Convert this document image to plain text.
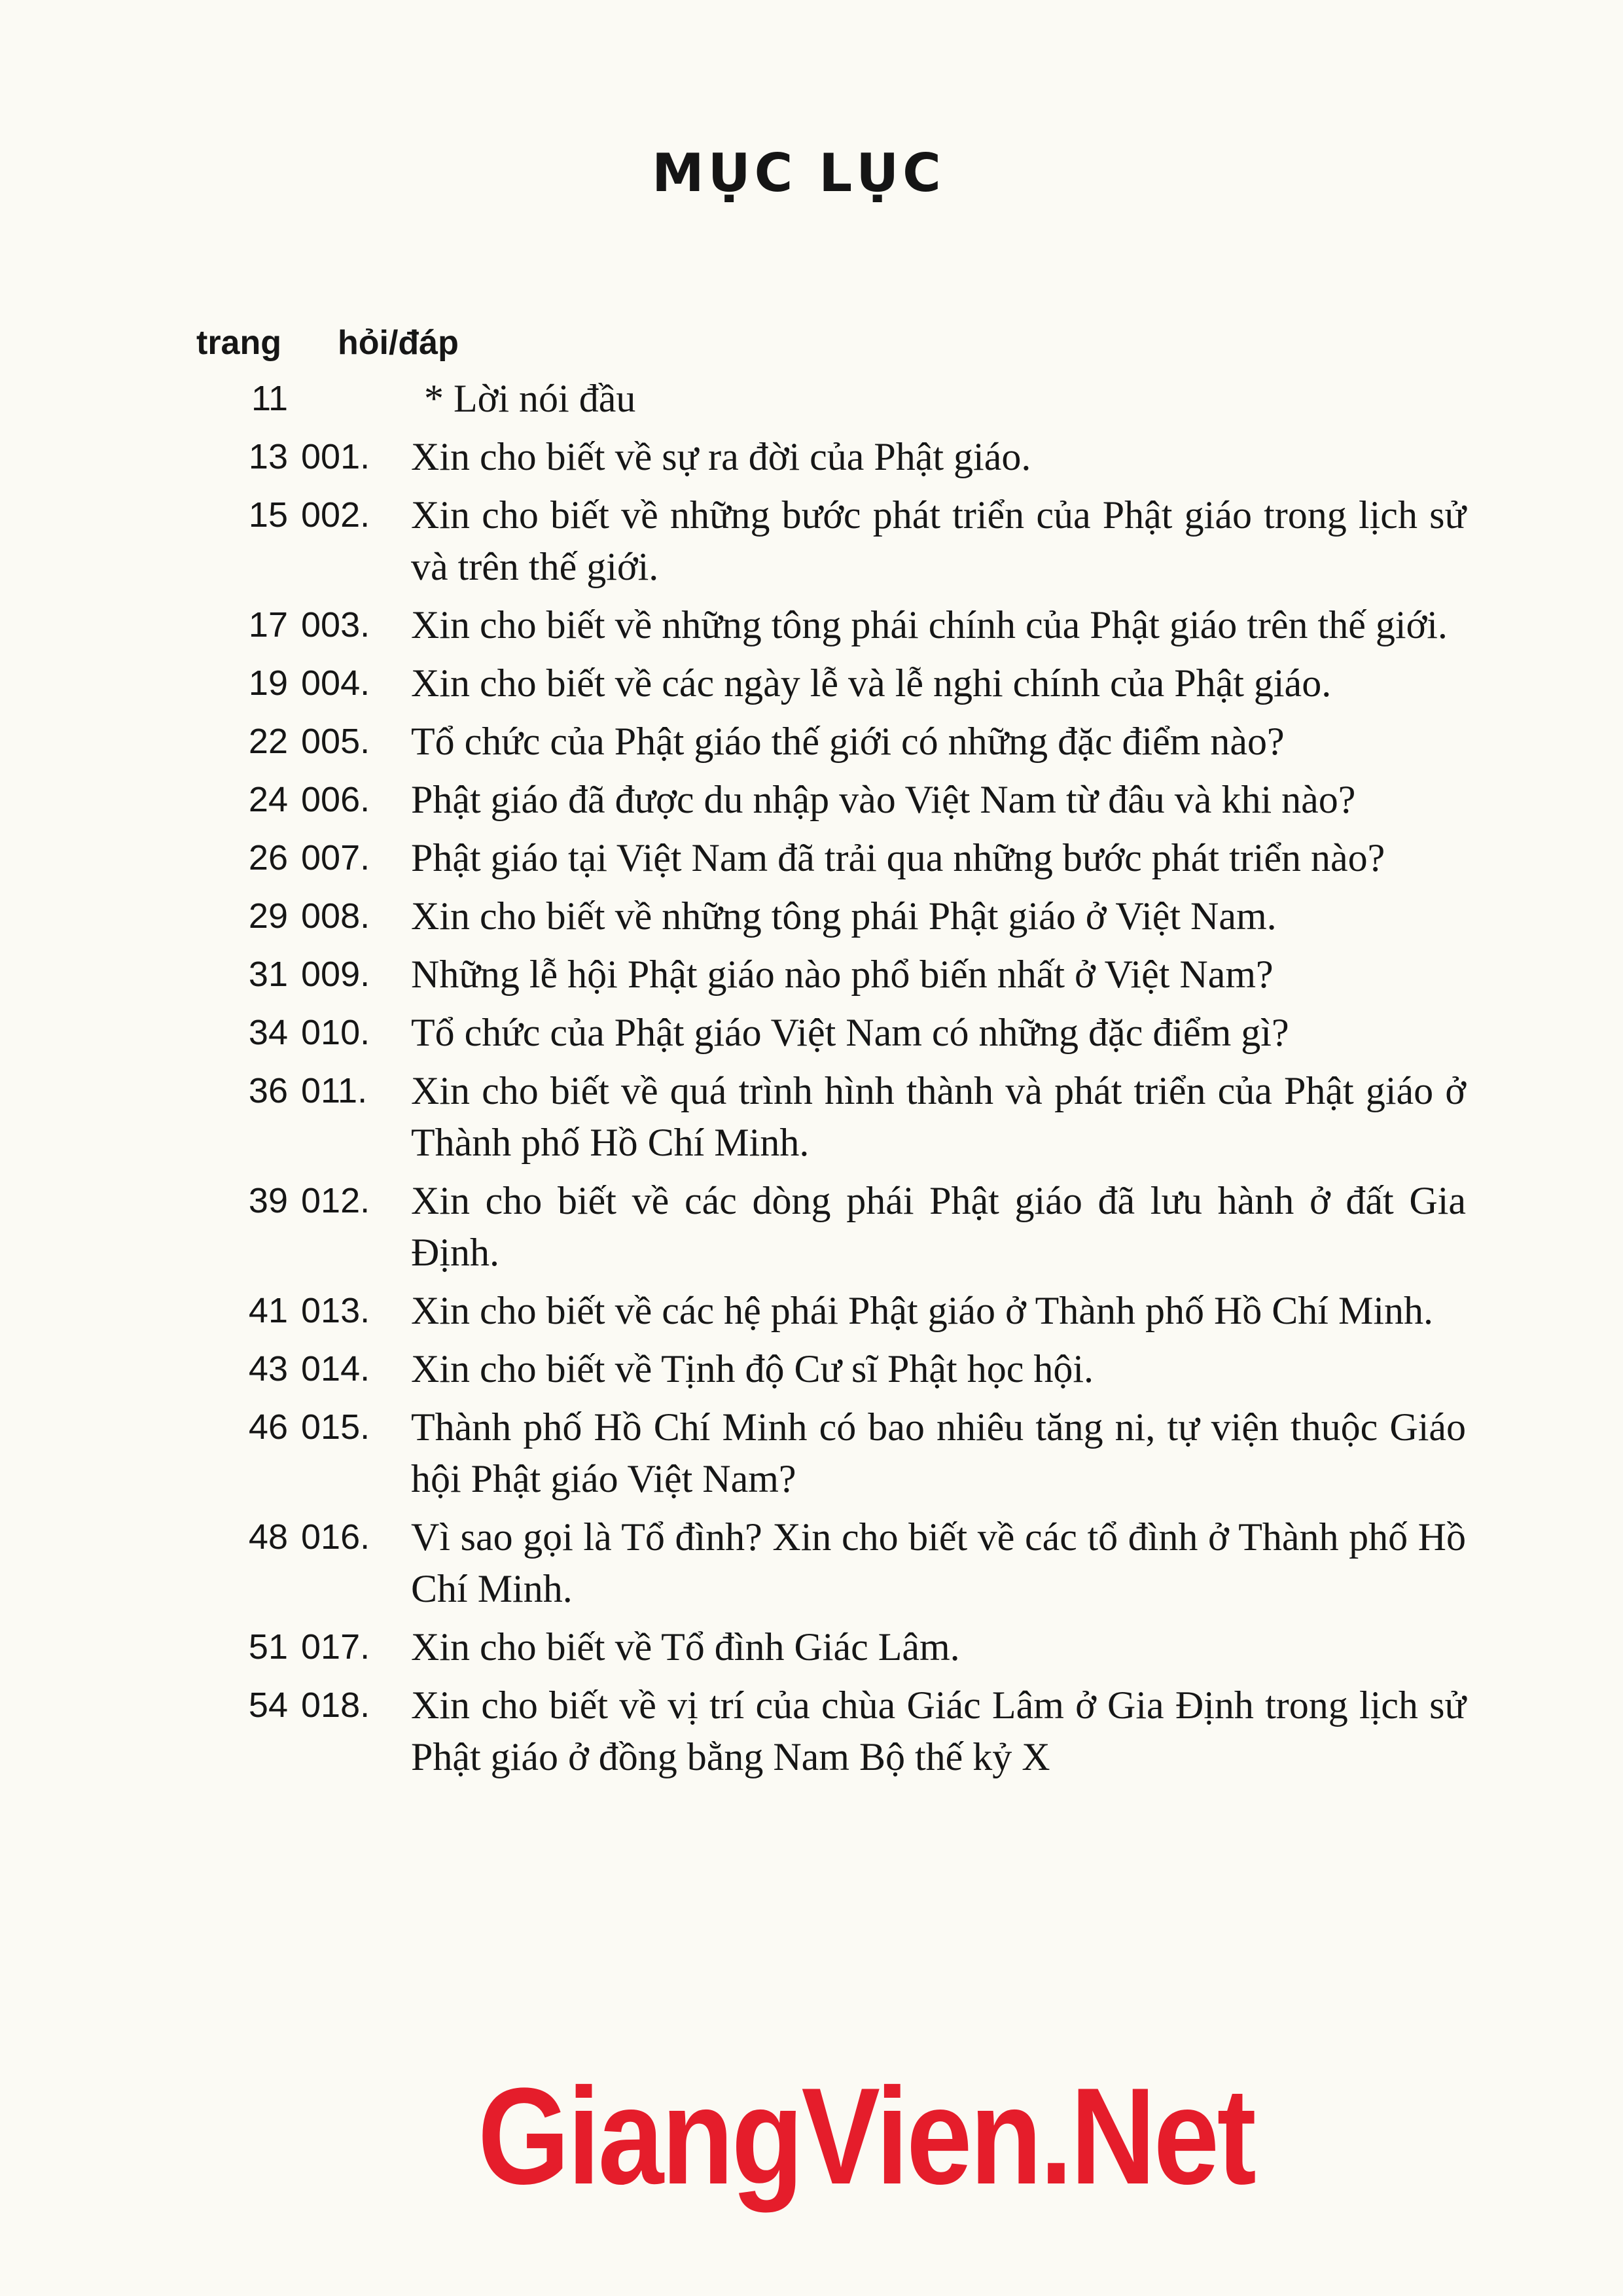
MỤC LỤC
trang hỏi/đáp
11	* Lời nói đầu
13 001.	Xin cho biết về sự ra đời của Phật giáo.
15 002.	Xin cho biết về những bước phát triển của Phật giáo trong lịch sử và trên thế giới.
17 003.	Xin cho biết về những tông phái chính của Phật giáo trên thế giới.
19 004.	Xin cho biết về các ngày lễ và lễ nghi chính của Phật giáo.
22 005.	Tổ chức của Phật giáo thế giới có những đặc điểm nào?
24 006.	Phật giáo đã được du nhập vào Việt Nam từ đâu và khi nào?
26 007.	Phật giáo tại Việt Nam đã trải qua những bước phát triển nào?
29 008.	Xin cho biết về những tông phái Phật giáo ở Việt Nam.
31 009.	Những lễ hội Phật giáo nào phổ biến nhất ở Việt Nam?
34 010.	Tổ chức của Phật giáo Việt Nam có những đặc điểm gì?
36 011.	Xin cho biết về quá trình hình thành và phát triển của Phật giáo ở Thành phố Hồ Chí Minh.
39 012.	Xin cho biết về các dòng phái Phật giáo đã lưu hành ở đất Gia Định.
41 013.	Xin cho biết về các hệ phái Phật giáo ở Thành phố Hồ Chí Minh.
43 014.	Xin cho biết về Tịnh độ Cư sĩ Phật học hội.
46 015.	Thành phố Hồ Chí Minh có bao nhiêu tăng ni, tự viện thuộc Giáo hội Phật giáo Việt Nam?
48 016.	Vì sao gọi là Tổ đình? Xin cho biết về các tổ đình ở Thành phố Hồ Chí Minh.
51 017.	Xin cho biết về Tổ đình Giác Lâm.
54 018.	Xin cho biết về vị trí của chùa Giác Lâm ở Gia Định trong lịch sử Phật giáo ở đồng bằng Nam Bộ thế kỷ X
GiangVien.Net
